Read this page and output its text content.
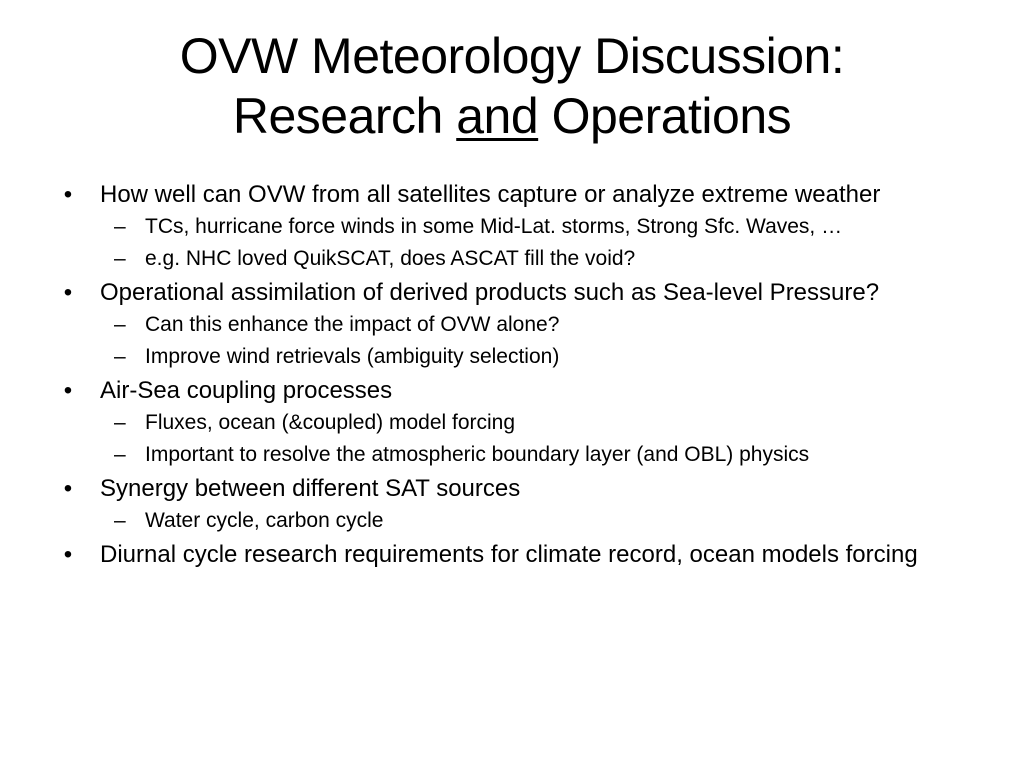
OVW Meteorology Discussion:
Research and Operations
• How well can OVW from all satellites capture or analyze extreme weather
– TCs, hurricane force winds in some Mid-Lat. storms, Strong Sfc. Waves, …
– e.g. NHC loved QuikSCAT, does ASCAT fill the void?
• Operational assimilation of derived products such as Sea-level Pressure?
– Can this enhance the impact of OVW alone?
– Improve wind retrievals (ambiguity selection)
• Air-Sea coupling processes
– Fluxes, ocean (&coupled) model forcing
– Important to resolve the atmospheric boundary layer (and OBL) physics
• Synergy between different SAT sources
– Water cycle, carbon cycle
• Diurnal cycle research requirements for climate record, ocean models forcing
